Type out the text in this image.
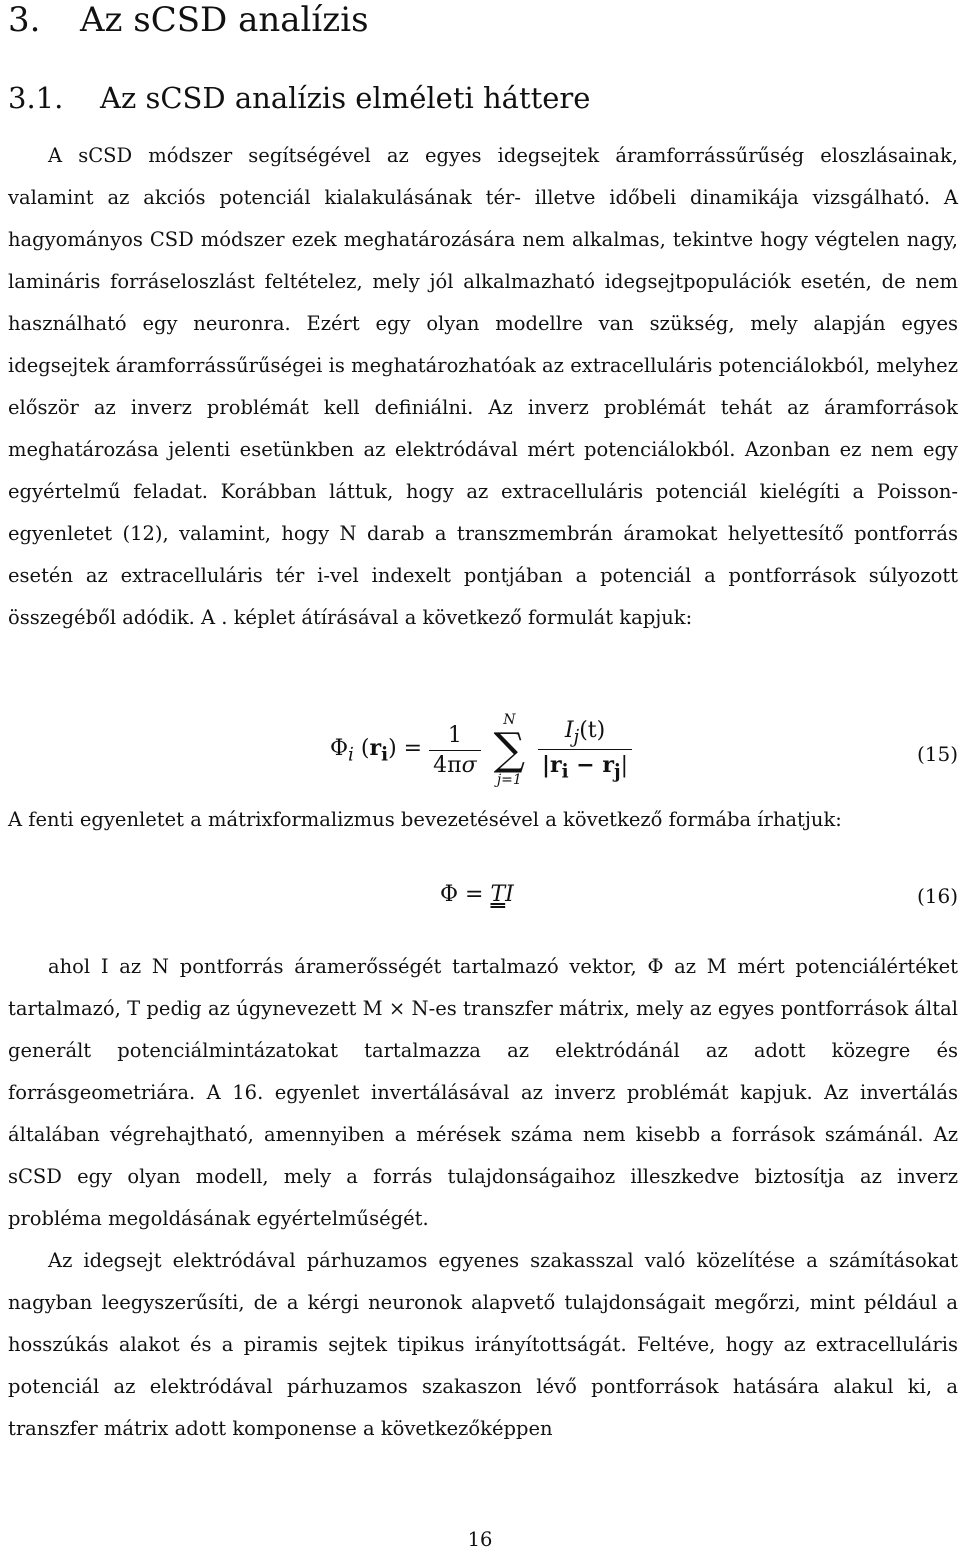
3. Az sCSD analízis
3.1. Az sCSD analízis elméleti háttere

A sCSD módszer segítségével az egyes idegsejtek áramforrássűrűség eloszlásainak, valamint az akciós potenciál kialakulásának tér- illetve időbeli dinamikája vizsgálható. A hagyományos CSD módszer ezek meghatározására nem alkalmas, tekintve hogy végtelen nagy, lamináris forráseloszlást feltételez, mely jól alkalmazható idegsejtpopulációk esetén, de nem használható egy neuronra. Ezért egy olyan modellre van szükség, mely alapján egyes idegsejtek áramforrássűrűségei is meghatározhatóak az extracelluláris potenciálokból, melyhez először az inverz problémát kell definiálni. Az inverz problémát tehát az áramforrások meghatározása jelenti esetünkben az elektródával mért potenciálokból. Azonban ez nem egy egyértelmű feladat. Korábban láttuk, hogy az extracelluláris potenciál kielégíti a Poisson-egyenletet (12), valamint, hogy N darab a transzmembrán áramokat helyettesítő pontforrás esetén az extracelluláris tér i-vel indexelt pontjában a potenciál a pontforrások súlyozott összegéből adódik. A . képlet átírásával a következő formulát kapjuk:

$\Phi_i$ $(r_i) = \frac{1}{4\pi\sigma}$

N
∑
j=1
$\frac{I_j(t)}{|r_i - r_j|}$	(15)

A fenti egyenletet a mátrixformalizmus bevezetésével a következő formába írhatjuk:

Φ = TI	(16)

ahol I az N pontforrás áramerősségét tartalmazó vektor, Φ az M mért potenciálértéket tartalmazó, T pedig az úgynevezett M × N-es transzfer mátrix, mely az egyes pontforrások által generált potenciálmintázatokat tartalmazza az elektródánál az adott közegre és forrásgeometriára. A 16. egyenlet invertálásával az inverz problémát kapjuk. Az invertálás általában végrehajtható, amennyiben a mérések száma nem kisebb a források számánál. Az sCSD egy olyan modell, mely a forrás tulajdonságaihoz illeszkedve biztosítja az inverz probléma megoldásának egyértelműségét.

Az idegsejt elektródával párhuzamos egyenes szakasszal való közelítése a számításokat nagyban leegyszerűsíti, de a kérgi neuronok alapvető tulajdonságait megőrzi, mint például a hosszúkás alakot és a piramis sejtek tipikus irányítottságát. Feltéve, hogy az extracelluláris potenciál az elektródával párhuzamos szakaszon lévő pontforrások hatására alakul ki, a transzfer mátrix adott komponense a következőképpen

16
